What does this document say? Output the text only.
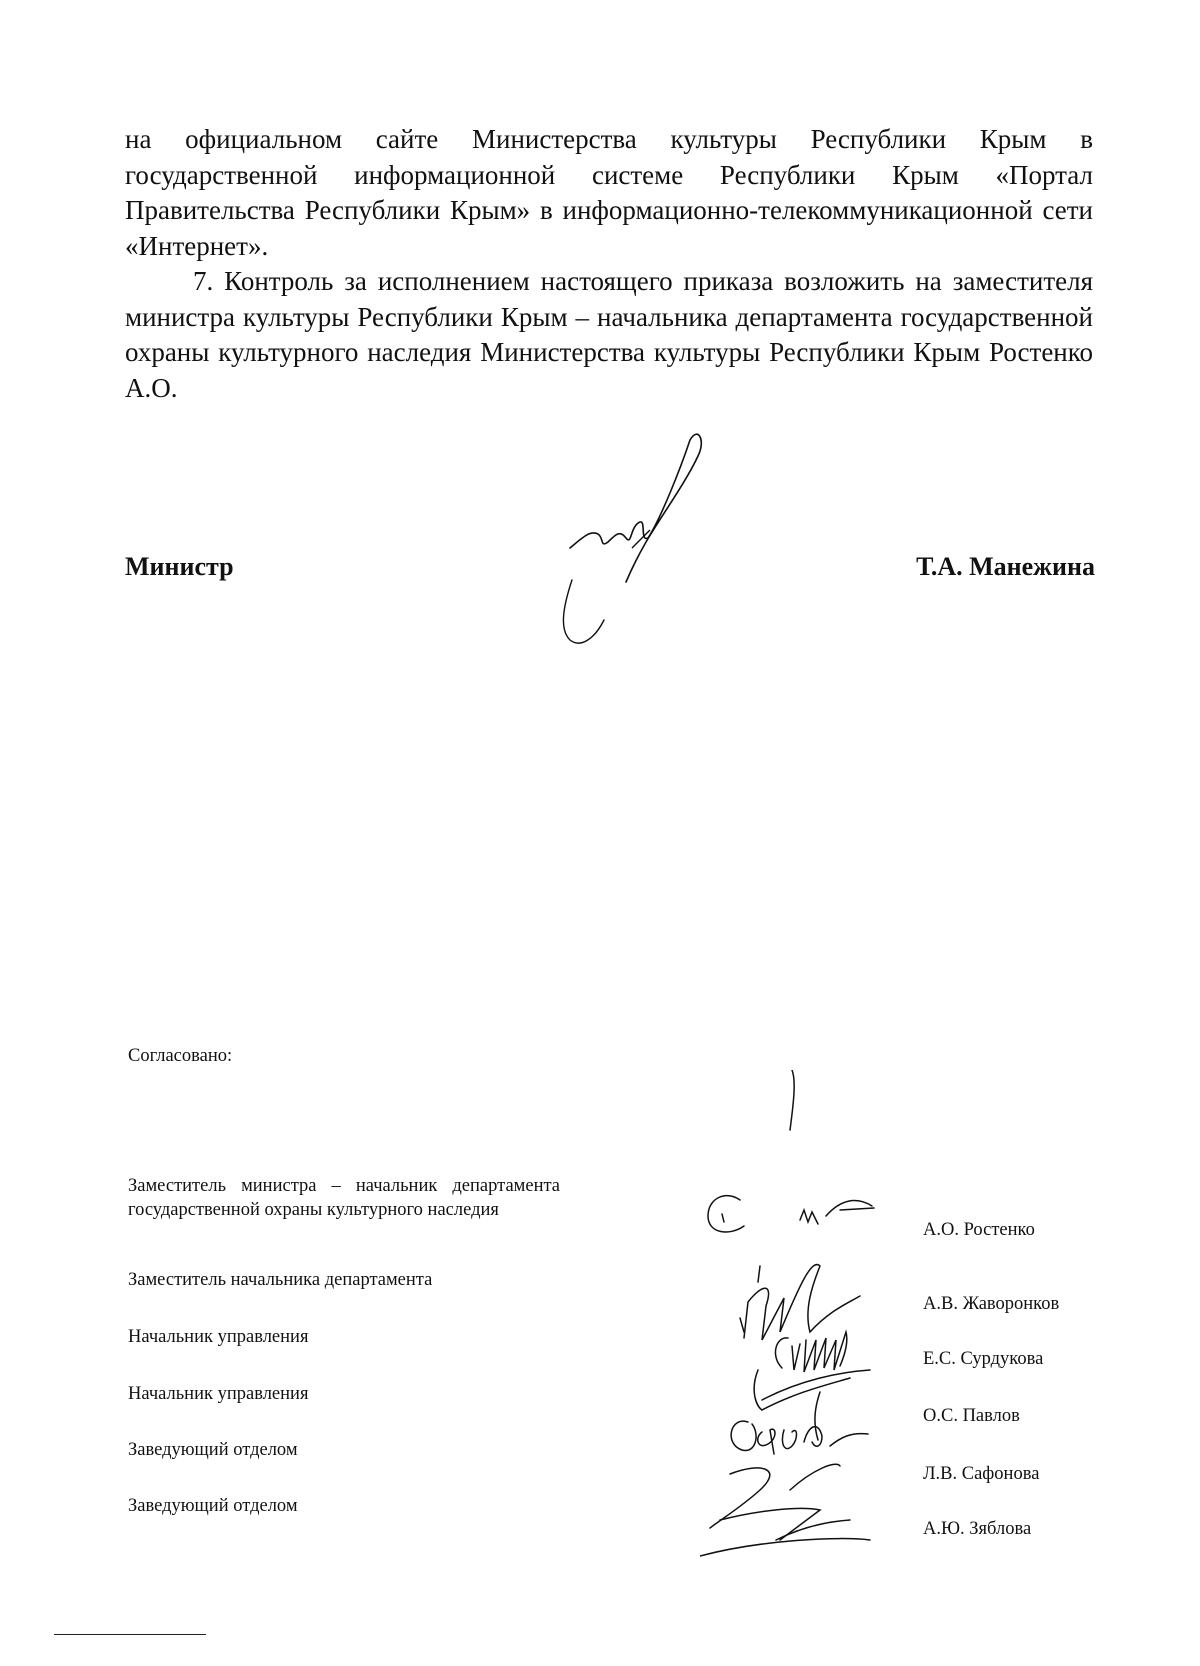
на официальном сайте Министерства культуры Республики Крым в государственной информационной системе Республики Крым «Портал Правительства Республики Крым» в информационно-телекоммуникационной сети «Интернет».

7. Контроль за исполнением настоящего приказа возложить на заместителя министра культуры Республики Крым – начальника департамента государственной охраны культурного наследия Министерства культуры Республики Крым Ростенко А.О.

Министр	Т.А. Манежина
Согласовано:
Заместитель министра – начальник департамента государственной охраны культурного наследия
Заместитель начальника департамента
Начальник управления
Начальник управления
Заведующий отделом
Заведующий отделом
А.О. Ростенко
А.В. Жаворонков
Е.С. Сурдукова
О.С. Павлов
Л.В. Сафонова
А.Ю. Зяблова
